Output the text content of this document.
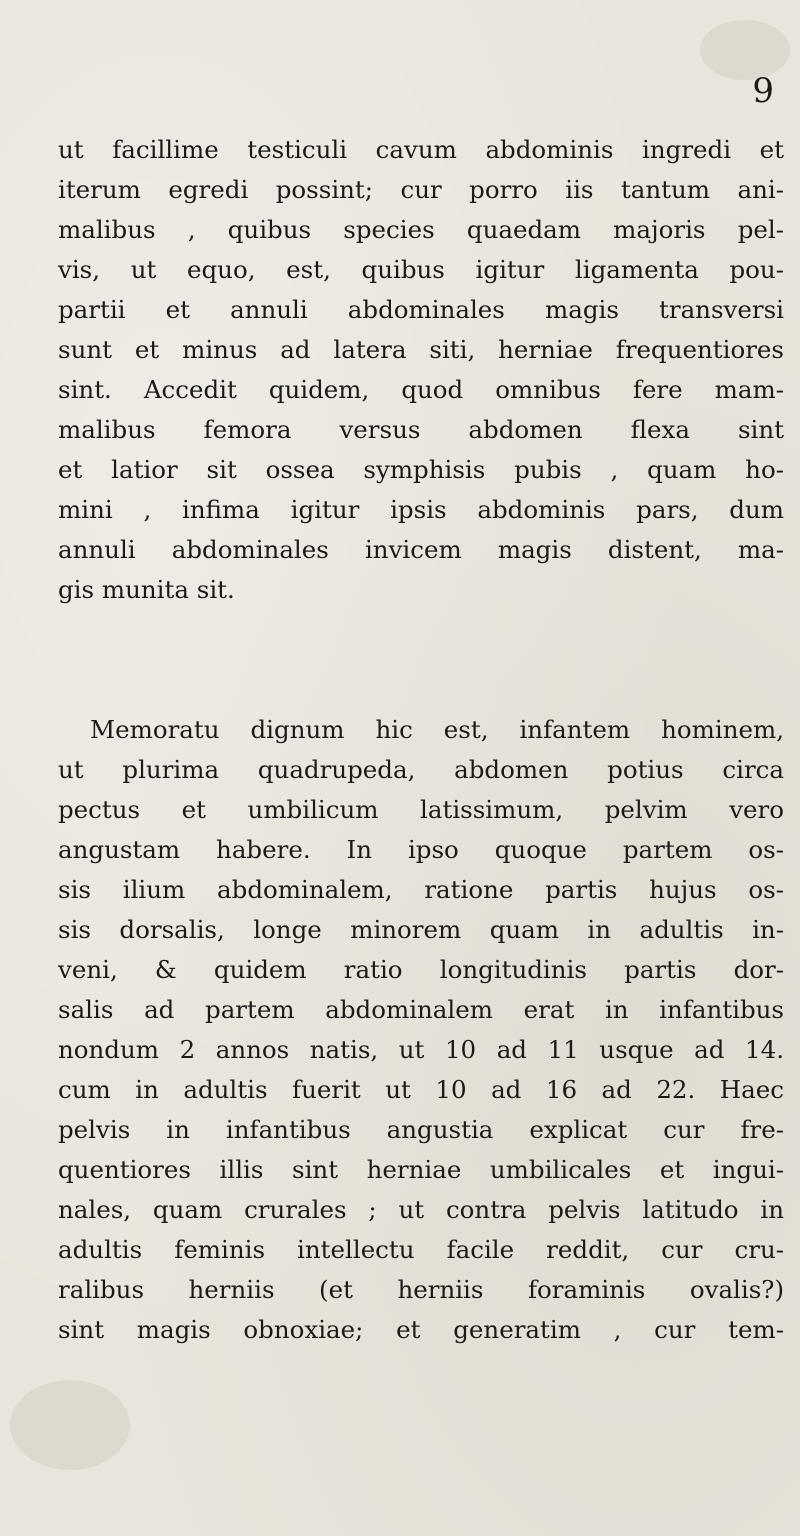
9
ut facillime testiculi cavum abdominis ingredi et
iterum egredi possint; cur porro iis tantum ani-
malibus , quibus species quaedam majoris pel-
vis, ut equo, est, quibus igitur ligamenta pou-
partii et annuli abdominales magis transversi
sunt et minus ad latera siti, herniae frequentiores
sint. Accedit quidem, quod omnibus fere mam-
malibus femora versus abdomen flexa sint
et latior sit ossea symphisis pubis , quam ho-
mini , infima igitur ipsis abdominis pars, dum
annuli abdominales invicem magis distent, ma-
gis munita sit.
Memoratu dignum hic est, infantem hominem,
ut plurima quadrupeda, abdomen potius circa
pectus et umbilicum latissimum, pelvim vero
angustam habere. In ipso quoque partem os-
sis ilium abdominalem, ratione partis hujus os-
sis dorsalis, longe minorem quam in adultis in-
veni, & quidem ratio longitudinis partis dor-
salis ad partem abdominalem erat in infantibus
nondum 2 annos natis, ut 10 ad 11 usque ad 14.
cum in adultis fuerit ut 10 ad 16 ad 22. Haec
pelvis in infantibus angustia explicat cur fre-
quentiores illis sint herniae umbilicales et ingui-
nales, quam crurales ; ut contra pelvis latitudo in
adultis feminis intellectu facile reddit, cur cru-
ralibus herniis (et herniis foraminis ovalis?)
sint magis obnoxiae; et generatim , cur tem-
